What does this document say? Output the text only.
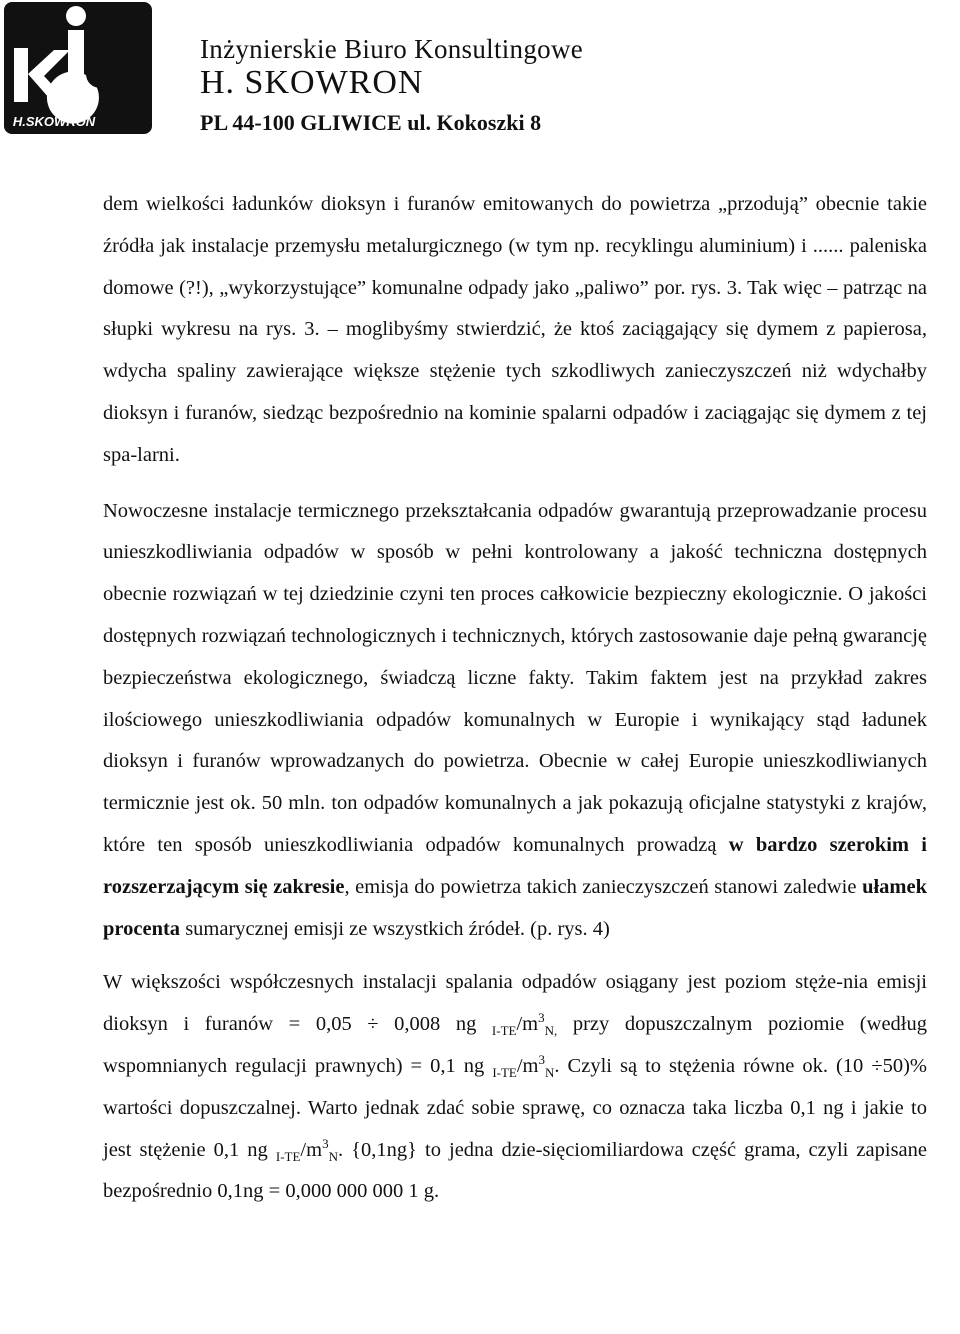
H.SKOWRON
Inżynierskie Biuro Konsultingowe
H. SKOWRON
PL 44-100 GLIWICE ul. Kokoszki 8

dem wielkości ładunków dioksyn i furanów emitowanych do powietrza „przodują” obecnie takie źródła jak instalacje przemysłu metalurgicznego (w tym np. recyklingu aluminium) i ...... paleniska domowe (?!), „wykorzystujące” komunalne odpady jako „paliwo” por. rys. 3. Tak więc – patrząc na słupki wykresu na rys. 3. – moglibyśmy stwierdzić, że ktoś zaciągający się dymem z papierosa, wdycha spaliny zawierające większe stężenie tych szkodliwych zanieczyszczeń niż wdychałby dioksyn i furanów, siedząc bezpośrednio na kominie spalarni odpadów i zaciągając się dymem z tej spa-larni.

Nowoczesne instalacje termicznego przekształcania odpadów gwarantują przeprowadzanie procesu unieszkodliwiania odpadów w sposób w pełni kontrolowany a jakość techniczna dostępnych obecnie rozwiązań w tej dziedzinie czyni ten proces całkowicie bezpieczny ekologicznie. O jakości dostępnych rozwiązań technologicznych i technicznych, których zastosowanie daje pełną gwarancję bezpieczeństwa ekologicznego, świadczą liczne fakty. Takim faktem jest na przykład zakres ilościowego unieszkodliwiania odpadów komunalnych w Europie i wynikający stąd ładunek dioksyn i furanów wprowadzanych do powietrza. Obecnie w całej Europie unieszkodliwianych termicznie jest ok. 50 mln. ton odpadów komunalnych a jak pokazują oficjalne statystyki z krajów, które ten sposób unieszkodliwiania odpadów komunalnych prowadzą w bardzo szerokim i rozszerzającym się zakresie, emisja do powietrza takich zanieczyszczeń stanowi zaledwie ułamek procenta sumarycznej emisji ze wszystkich źródeł. (p. rys. 4)

W większości współczesnych instalacji spalania odpadów osiągany jest poziom stęże-nia emisji dioksyn i furanów = 0,05 ÷ 0,008 ng $_{I-TE}/m^3_{N,}$ przy dopuszczalnym poziomie (według wspomnianych regulacji prawnych) = 0,1 ng $_{I-TE}/m^3_N$. Czyli są to stężenia równe ok. (10 ÷50)% wartości dopuszczalnej. Warto jednak zdać sobie sprawę, co oznacza taka liczba 0,1 ng i jakie to jest stężenie 0,1 ng $_{I-TE}/m^3_N$. {0,1ng} to jedna dzie-sięciomiliardowa część grama, czyli zapisane bezpośrednio 0,1ng = 0,000 000 000 1 g.
